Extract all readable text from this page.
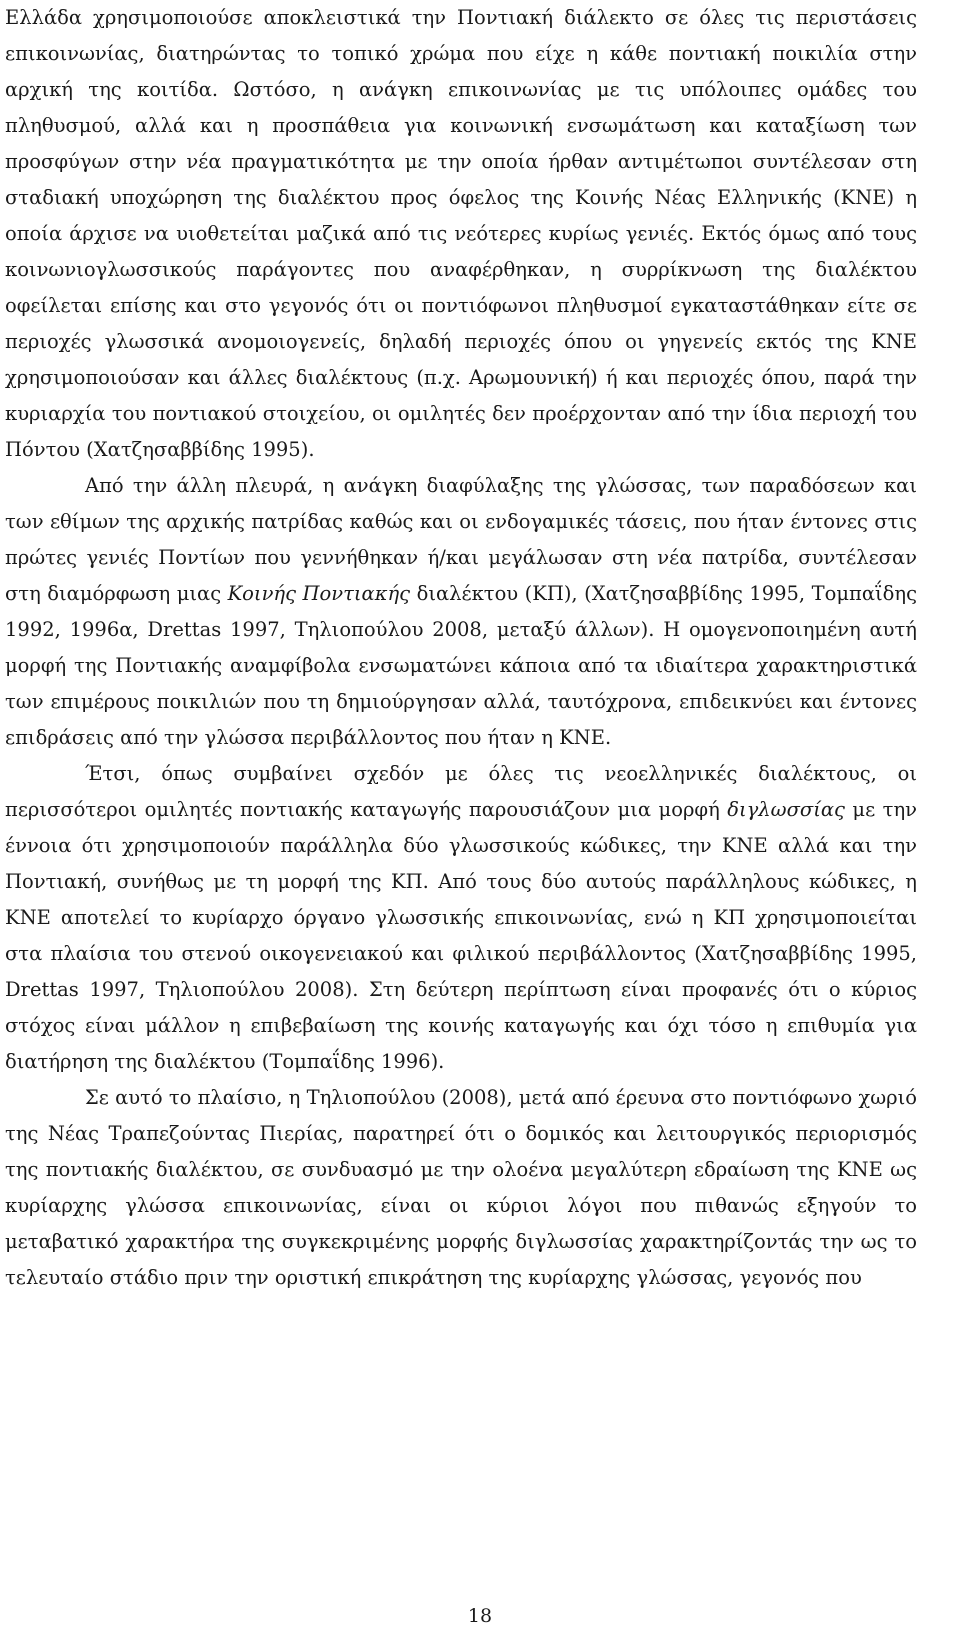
Ελλάδα χρησιμοποιούσε αποκλειστικά την Ποντιακή διάλεκτο σε όλες τις περιστάσεις επικοινωνίας, διατηρώντας το τοπικό χρώμα που είχε η κάθε ποντιακή ποικιλία στην αρχική της κοιτίδα. Ωστόσο, η ανάγκη επικοινωνίας με τις υπόλοιπες ομάδες του πληθυσμού, αλλά και η προσπάθεια για κοινωνική ενσωμάτωση και καταξίωση των προσφύγων στην νέα πραγματικότητα με την οποία ήρθαν αντιμέτωποι συντέλεσαν στη σταδιακή υποχώρηση της διαλέκτου προς όφελος της Κοινής Νέας Ελληνικής (ΚΝΕ) η οποία άρχισε να υιοθετείται μαζικά από τις νεότερες κυρίως γενιές. Εκτός όμως από τους κοινωνιογλωσσικούς παράγοντες που αναφέρθηκαν, η συρρίκνωση της διαλέκτου οφείλεται επίσης και στο γεγονός ότι οι ποντιόφωνοι πληθυσμοί εγκαταστάθηκαν είτε σε περιοχές γλωσσικά ανομοιογενείς, δηλαδή περιοχές όπου οι γηγενείς εκτός της ΚΝΕ χρησιμοποιούσαν και άλλες διαλέκτους (π.χ. Αρωμουνική) ή και περιοχές όπου, παρά την κυριαρχία του ποντιακού στοιχείου, οι ομιλητές δεν προέρχονταν από την ίδια περιοχή του Πόντου (Χατζησαββίδης 1995).

Από την άλλη πλευρά, η ανάγκη διαφύλαξης της γλώσσας, των παραδόσεων και των εθίμων της αρχικής πατρίδας καθώς και οι ενδογαμικές τάσεις, που ήταν έντονες στις πρώτες γενιές Ποντίων που γεννήθηκαν ή/και μεγάλωσαν στη νέα πατρίδα, συντέλεσαν στη διαμόρφωση μιας Κοινής Ποντιακής διαλέκτου (ΚΠ), (Χατζησαββίδης 1995, Τομπαΐδης 1992, 1996α, Drettas 1997, Τηλιοπούλου 2008, μεταξύ άλλων). Η ομογενοποιημένη αυτή μορφή της Ποντιακής αναμφίβολα ενσωματώνει κάποια από τα ιδιαίτερα χαρακτηριστικά των επιμέρους ποικιλιών που τη δημιούργησαν αλλά, ταυτόχρονα, επιδεικνύει και έντονες επιδράσεις από την γλώσσα περιβάλλοντος που ήταν η ΚΝΕ.

Έτσι, όπως συμβαίνει σχεδόν με όλες τις νεοελληνικές διαλέκτους, οι περισσότεροι ομιλητές ποντιακής καταγωγής παρουσιάζουν μια μορφή διγλωσσίας με την έννοια ότι χρησιμοποιούν παράλληλα δύο γλωσσικούς κώδικες, την ΚΝΕ αλλά και την Ποντιακή, συνήθως με τη μορφή της ΚΠ. Από τους δύο αυτούς παράλληλους κώδικες, η ΚΝΕ αποτελεί το κυρίαρχο όργανο γλωσσικής επικοινωνίας, ενώ η ΚΠ χρησιμοποιείται στα πλαίσια του στενού οικογενειακού και φιλικού περιβάλλοντος (Χατζησαββίδης 1995, Drettas 1997, Τηλιοπούλου 2008). Στη δεύτερη περίπτωση είναι προφανές ότι ο κύριος στόχος είναι μάλλον η επιβεβαίωση της κοινής καταγωγής και όχι τόσο η επιθυμία για διατήρηση της διαλέκτου (Τομπαΐδης 1996).

Σε αυτό το πλαίσιο, η Τηλιοπούλου (2008), μετά από έρευνα στο ποντιόφωνο χωριό της Νέας Τραπεζούντας Πιερίας, παρατηρεί ότι ο δομικός και λειτουργικός περιορισμός της ποντιακής διαλέκτου, σε συνδυασμό με την ολοένα μεγαλύτερη εδραίωση της ΚΝΕ ως κυρίαρχης γλώσσα επικοινωνίας, είναι οι κύριοι λόγοι που πιθανώς εξηγούν το μεταβατικό χαρακτήρα της συγκεκριμένης μορφής διγλωσσίας χαρακτηρίζοντάς την ως το τελευταίο στάδιο πριν την οριστική επικράτηση της κυρίαρχης γλώσσας, γεγονός που

18
